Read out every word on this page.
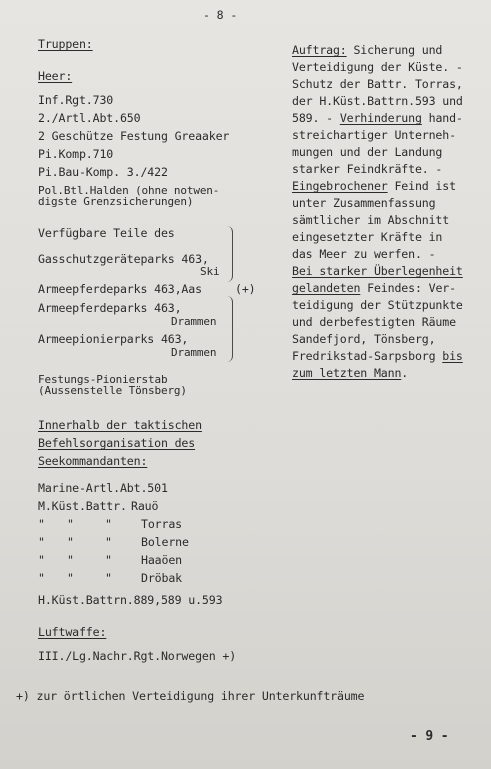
- 8 -
Truppen:
Heer:
Inf.Rgt.730
2./Artl.Abt.650
2 Geschütze Festung Greaaker
Pi.Komp.710
Pi.Bau-Komp. 3./422
Pol.Btl.Halden (ohne notwen-
digste Grenzsicherungen)
Verfügbare Teile des
Gasschutzgeräteparks 463,
Ski
Armeepferdeparks 463,Aas
Armeepferdeparks 463,
Drammen
Armeepionierparks 463,
Drammen
(+)
Festungs-Pionierstab
(Aussenstelle Tönsberg)
Innerhalb der taktischen
Befehlsorganisation des
Seekommandanten:
Marine-Artl.Abt.501
M.Küst.Battr. Rauö
" "	"	Torras
" "	"	Bolerne
" "	"	Haaöen
" "	"	Dröbak
H.Küst.Battrn.889,589 u.593
Luftwaffe:
III./Lg.Nachr.Rgt.Norwegen +)
Auftrag: Sicherung und
Verteidigung der Küste. -
Schutz der Battr. Torras,
der H.Küst.Battrn.593 und
589. - Verhinderung hand-
streichartiger Unterneh-
mungen und der Landung
starker Feindkräfte. -
Eingebrochener Feind ist
unter Zusammenfassung
sämtlicher im Abschnitt
eingesetzter Kräfte in
das Meer zu werfen. -
Bei starker Überlegenheit
gelandeten Feindes: Ver-
teidigung der Stützpunkte
und derbefestigten Räume
Sandefjord, Tönsberg,
Fredrikstad-Sarpsborg bis
zum letzten Mann.
+) zur örtlichen Verteidigung ihrer Unterkunfträume
- 9 -
